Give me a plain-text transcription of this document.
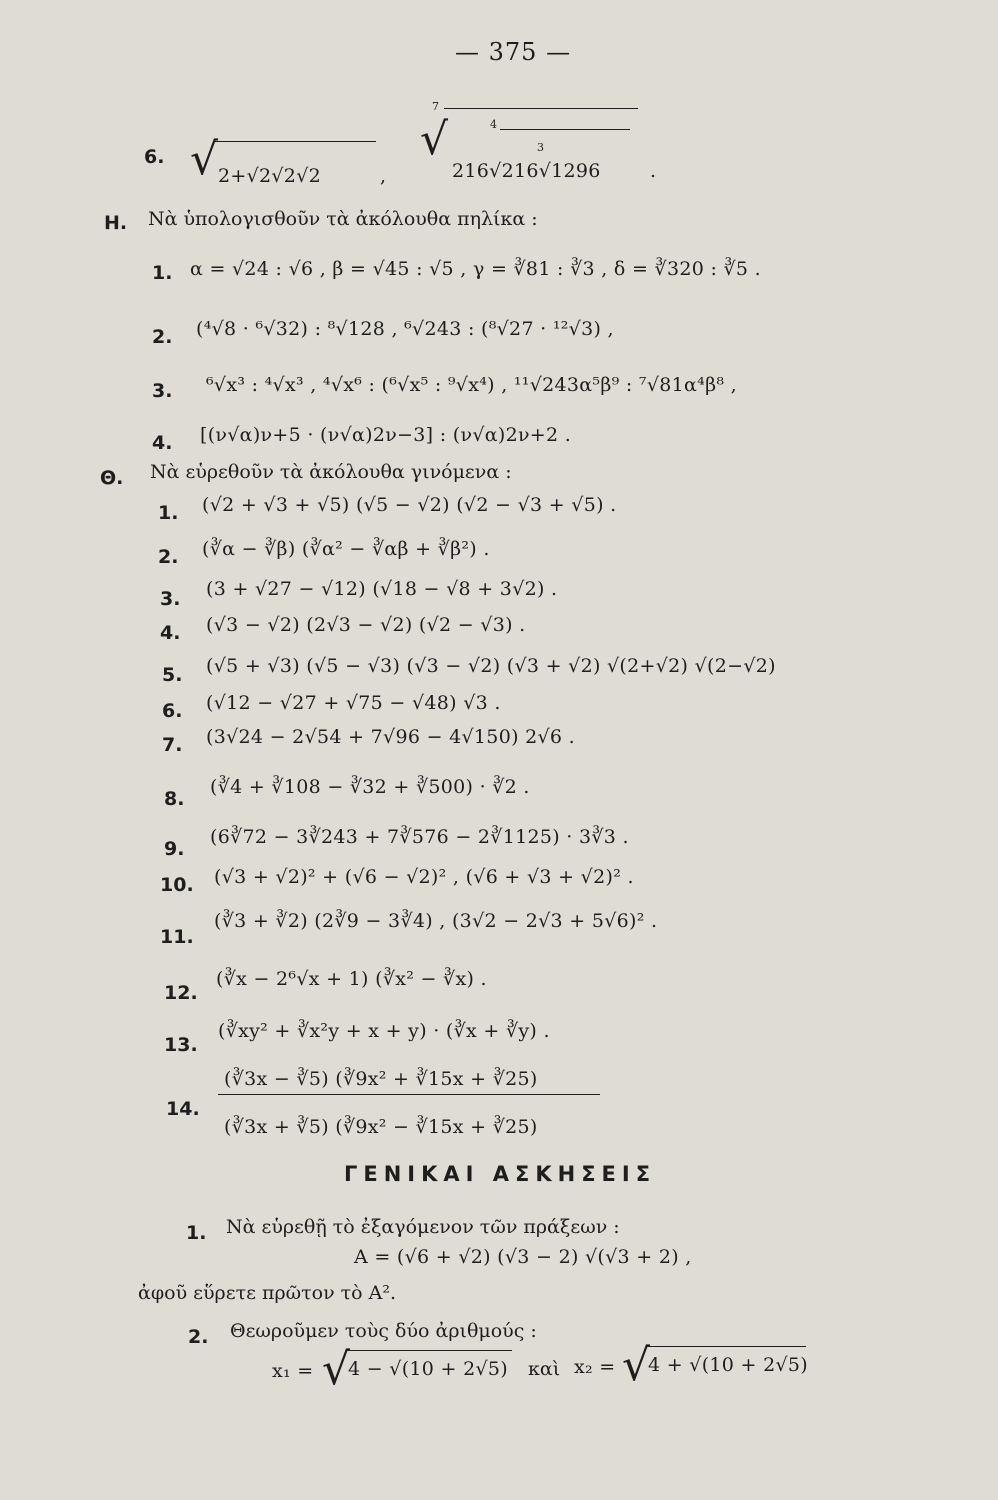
— 375 —
6. √ 2+√2√2√2	,
7
√	4
3
216√216√1296	.
Η. Νὰ ὑπολογισθοῦν τὰ ἀκόλουθα πηλίκα :
1. α = √24 : √6 , β = √45 : √5 , γ = ∛81 : ∛3 , δ = ∛320 : ∛5 .
2. (⁴√8 · ⁶√32) : ⁸√128 , ⁶√243 : (⁸√27 · ¹²√3) ,
3. ⁶√x³ : ⁴√x³ , ⁴√x⁶ : (⁶√x⁵ : ⁹√x⁴) , ¹¹√243α⁵β⁹ : ⁷√81α⁴β⁸ ,
4. [(ν√α)ν+5 · (ν√α)2ν−3] : (ν√α)2ν+2 .
Θ. Νὰ εὑρεθοῦν τὰ ἀκόλουθα γινόμενα :
1. (√2 + √3 + √5) (√5 − √2) (√2 − √3 + √5) .
2. (∛α − ∛β) (∛α² − ∛αβ + ∛β²) .
3. (3 + √27 − √12) (√18 − √8 + 3√2) .
4. (√3 − √2) (2√3 − √2) (√2 − √3) .
5. (√5 + √3) (√5 − √3) (√3 − √2) (√3 + √2) √(2+√2) √(2−√2)
6. (√12 − √27 + √75 − √48) √3 .
7. (3√24 − 2√54 + 7√96 − 4√150) 2√6 .
8.
(∛4 + ∛108 − ∛32 + ∛500) · ∛2 .
9.
(6∛72 − 3∛243 + 7∛576 − 2∛1125) · 3∛3 .
10. (√3 + √2)² + (√6 − √2)² , (√6 + √3 + √2)² .
11.
(∛3 + ∛2) (2∛9 − 3∛4) , (3√2 − 2√3 + 5√6)² .
12.
(∛x − 2⁶√x + 1) (∛x² − ∛x) .
13.
(∛xy² + ∛x²y + x + y) · (∛x + ∛y) .
14.
(∛3x − ∛5) (∛9x² + ∛15x + ∛25)
(∛3x + ∛5) (∛9x² − ∛15x + ∛25)
ΓΕΝΙΚΑΙ ΑΣΚΗΣΕΙΣ
1. Νὰ εὑρεθῇ τὸ ἐξαγόμενον τῶν πράξεων :
A = (√6 + √2) (√3 − 2) √(√3 + 2) ,
ἀφοῦ εὕρετε πρῶτον τὸ A².
2. Θεωροῦμεν τοὺς δύο ἀριθμούς :
x₁ = √
4 − √(10 + 2√5) καὶ x₂ = √
4 + √(10 + 2√5)
